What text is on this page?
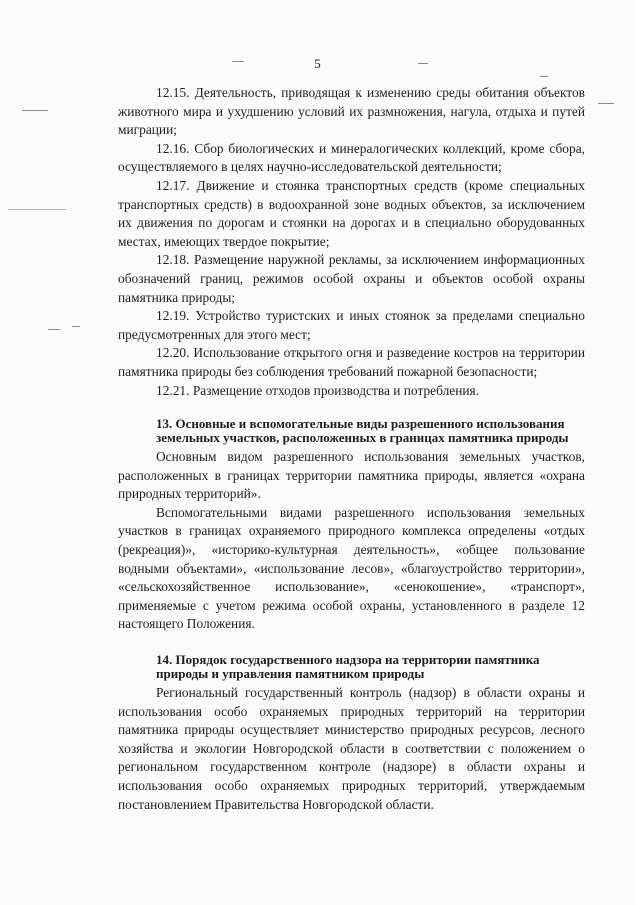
5

12.15. Деятельность, приводящая к изменению среды обитания объектов животного мира и ухудшению условий их размножения, нагула, отдыха и путей миграции;

12.16. Сбор биологических и минералогических коллекций, кроме сбора, осуществляемого в целях научно-исследовательской деятельности;

12.17. Движение и стоянка транспортных средств (кроме специальных транспортных средств) в водоохранной зоне водных объектов, за исключением их движения по дорогам и стоянки на дорогах и в специально оборудованных местах, имеющих твердое покрытие;

12.18. Размещение наружной рекламы, за исключением информационных обозначений границ, режимов особой охраны и объектов особой охраны памятника природы;

12.19. Устройство туристских и иных стоянок за пределами специально предусмотренных для этого мест;

12.20. Использование открытого огня и разведение костров на территории памятника природы без соблюдения требований пожарной безопасности;

12.21. Размещение отходов производства и потребления.

13. Основные и вспомогательные виды разрешенного использования земельных участков, расположенных в границах памятника природы

Основным видом разрешенного использования земельных участков, расположенных в границах территории памятника природы, является «охрана природных территорий».

Вспомогательными видами разрешенного использования земельных участков в границах охраняемого природного комплекса определены «отдых (рекреация)», «историко-культурная деятельность», «общее пользование водными объектами», «использование лесов», «благоустройство территории», «сельскохозяйственное использование», «сенокошение», «транспорт», применяемые с учетом режима особой охраны, установленного в разделе 12 настоящего Положения.

14. Порядок государственного надзора на территории памятника природы и управления памятником природы

Региональный государственный контроль (надзор) в области охраны и использования особо охраняемых природных территорий на территории памятника природы осуществляет министерство природных ресурсов, лесного хозяйства и экологии Новгородской области в соответствии с положением о региональном государственном контроле (надзоре) в области охраны и использования особо охраняемых природных территорий, утверждаемым постановлением Правительства Новгородской области.
